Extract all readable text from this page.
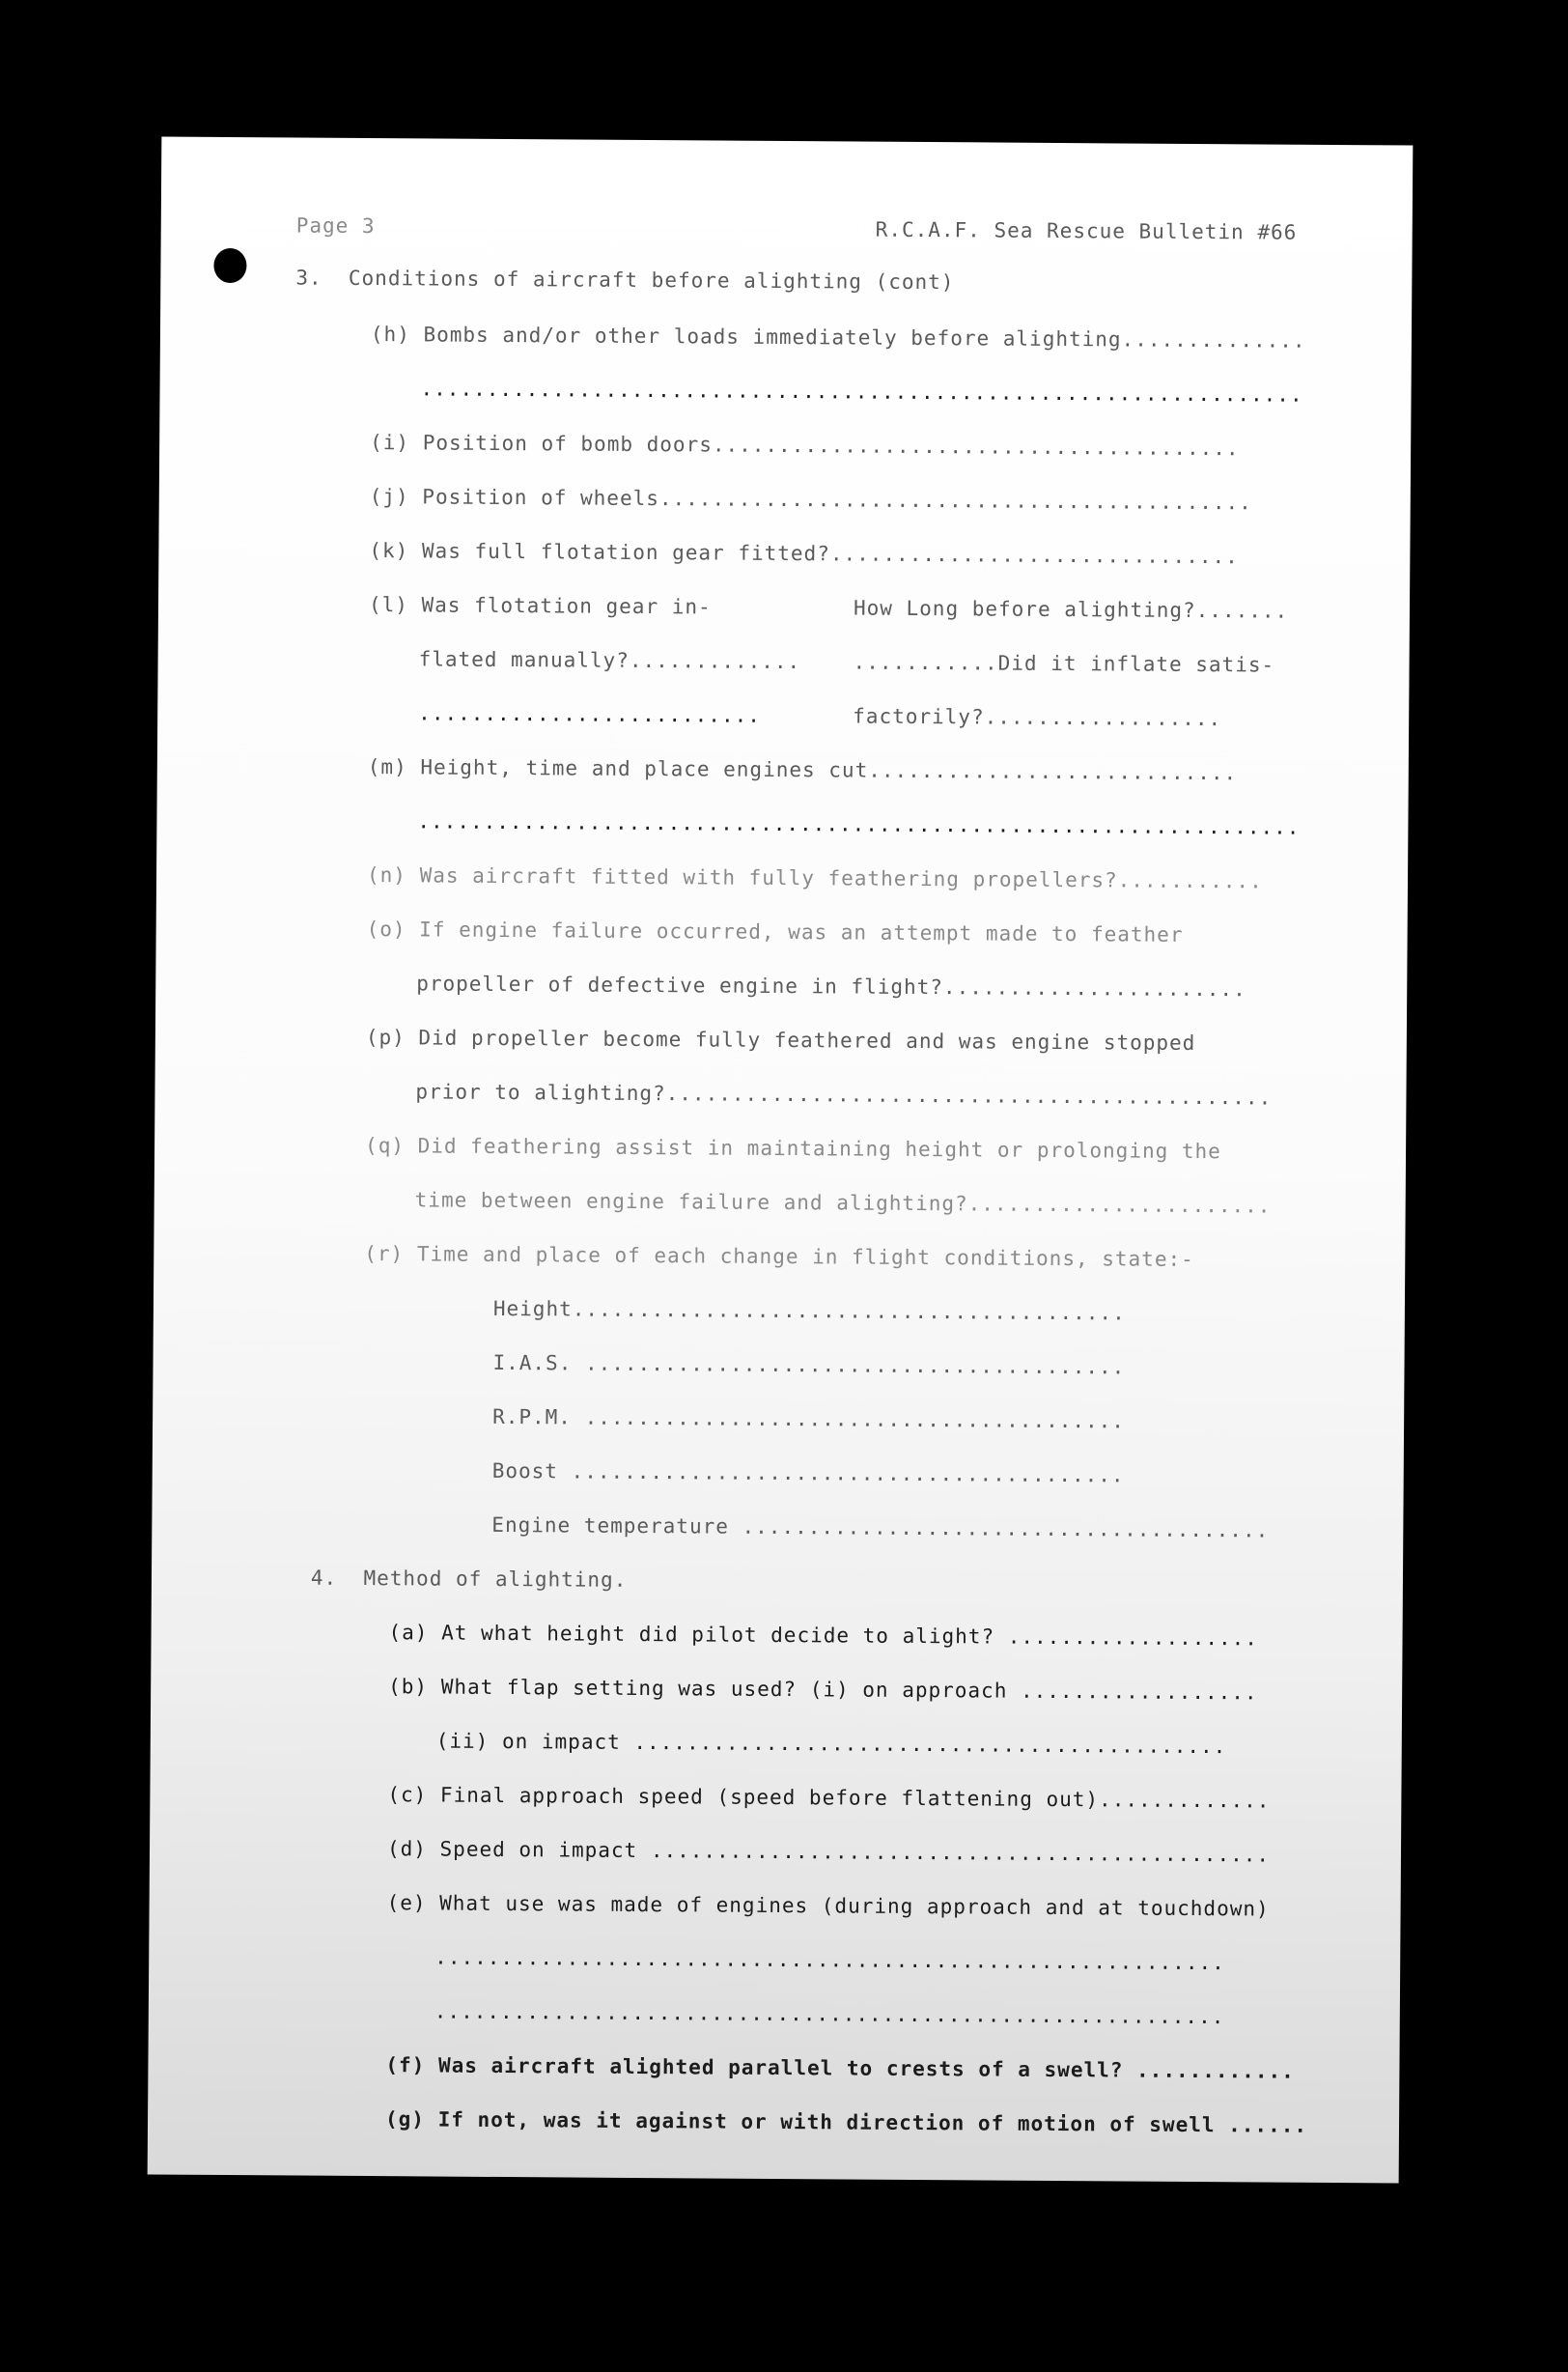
Page 3	R.C.A.F. Sea Rescue Bulletin #66
3.  Conditions of aircraft before alighting (cont)
(h) Bombs and/or other loads immediately before alighting..............
...................................................................
(i) Position of bomb doors........................................
(j) Position of wheels.............................................
(k) Was full flotation gear fitted?...............................
(l) Was flotation gear in-	How Long before alighting?.......
flated manually?.............	...........Did it inflate satis-
..........................	factorily?..................
(m) Height, time and place engines cut............................
...................................................................
(n) Was aircraft fitted with fully feathering propellers?...........
(o) If engine failure occurred, was an attempt made to feather
propeller of defective engine in flight?.......................
(p) Did propeller become fully feathered and was engine stopped
prior to alighting?..............................................
(q) Did feathering assist in maintaining height or prolonging the
time between engine failure and alighting?.......................
(r) Time and place of each change in flight conditions, state:-
Height..........................................
I.A.S. .........................................
R.P.M. .........................................
Boost ..........................................
Engine temperature ........................................
4.  Method of alighting.
(a) At what height did pilot decide to alight? ...................
(b) What flap setting was used? (i) on approach ..................
(ii) on impact .............................................
(c) Final approach speed (speed before flattening out).............
(d) Speed on impact ...............................................
(e) What use was made of engines (during approach and at touchdown)
............................................................
............................................................
(f) Was aircraft alighted parallel to crests of a swell? ............
(g) If not, was it against or with direction of motion of swell ......
